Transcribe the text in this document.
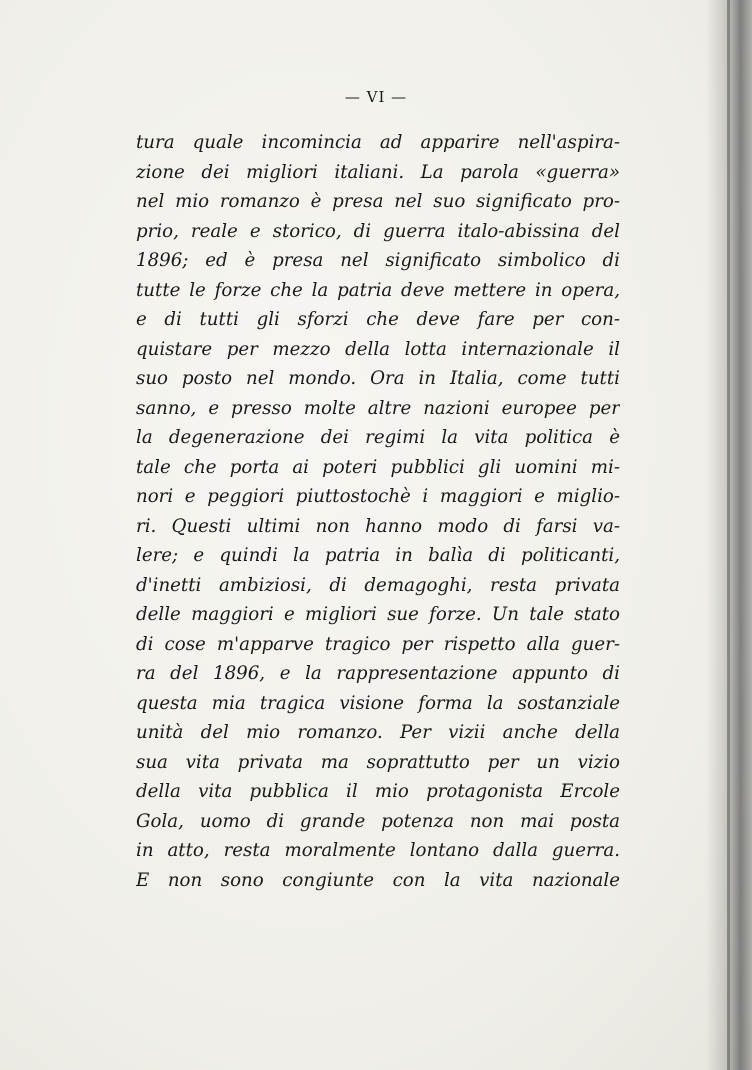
— VI —
tura quale incomincia ad apparire nell'aspira-
zione dei migliori italiani. La parola «guerra»
nel mio romanzo è presa nel suo significato pro-
prio, reale e storico, di guerra italo-abissina del
1896; ed è presa nel significato simbolico di
tutte le forze che la patria deve mettere in opera,
e di tutti gli sforzi che deve fare per con-
quistare per mezzo della lotta internazionale il
suo posto nel mondo. Ora in Italia, come tutti
sanno, e presso molte altre nazioni europee per
la degenerazione dei regimi la vita politica è
tale che porta ai poteri pubblici gli uomini mi-
nori e peggiori piuttostochè i maggiori e miglio-
ri. Questi ultimi non hanno modo di farsi va-
lere; e quindi la patria in balìa di politicanti,
d'inetti ambiziosi, di demagoghi, resta privata
delle maggiori e migliori sue forze. Un tale stato
di cose m'apparve tragico per rispetto alla guer-
ra del 1896, e la rappresentazione appunto di
questa mia tragica visione forma la sostanziale
unità del mio romanzo. Per vizii anche della
sua vita privata ma soprattutto per un vizio
della vita pubblica il mio protagonista Ercole
Gola, uomo di grande potenza non mai posta
in atto, resta moralmente lontano dalla guerra.
E non sono congiunte con la vita nazionale
